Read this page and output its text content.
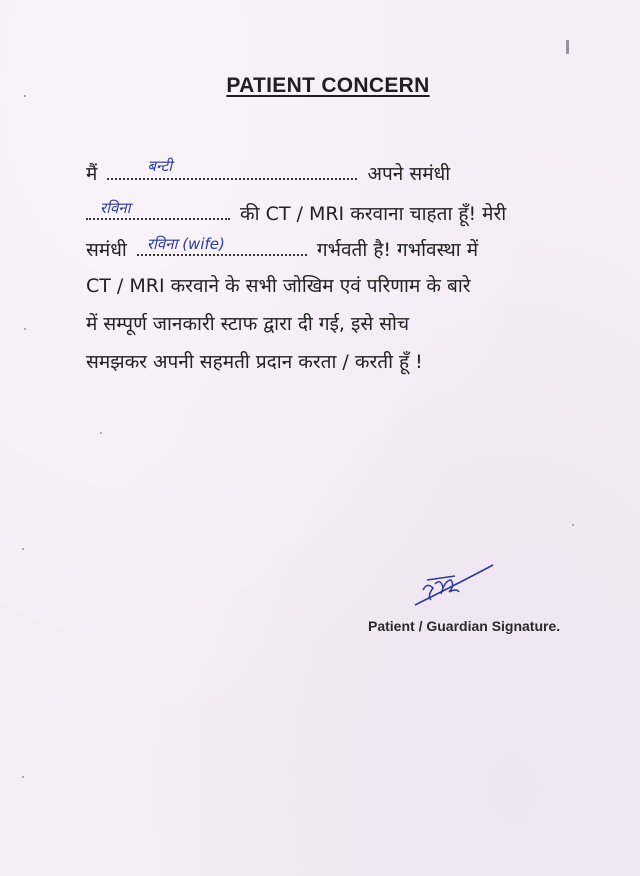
PATIENT CONCERN
मैं	बन्टी	अपने समंधी
रविना	की CT / MRI करवाना चाहता हूँ! मेरी
समंधी रविना (wife)	गर्भवती है! गर्भावस्था में
CT / MRI करवाने के सभी जोखिम एवं परिणाम के बारे
में सम्पूर्ण जानकारी स्टाफ द्वारा दी गई, इसे सोच
समझकर अपनी सहमती प्रदान करता / करती हूँ !
Patient / Guardian Signature.
